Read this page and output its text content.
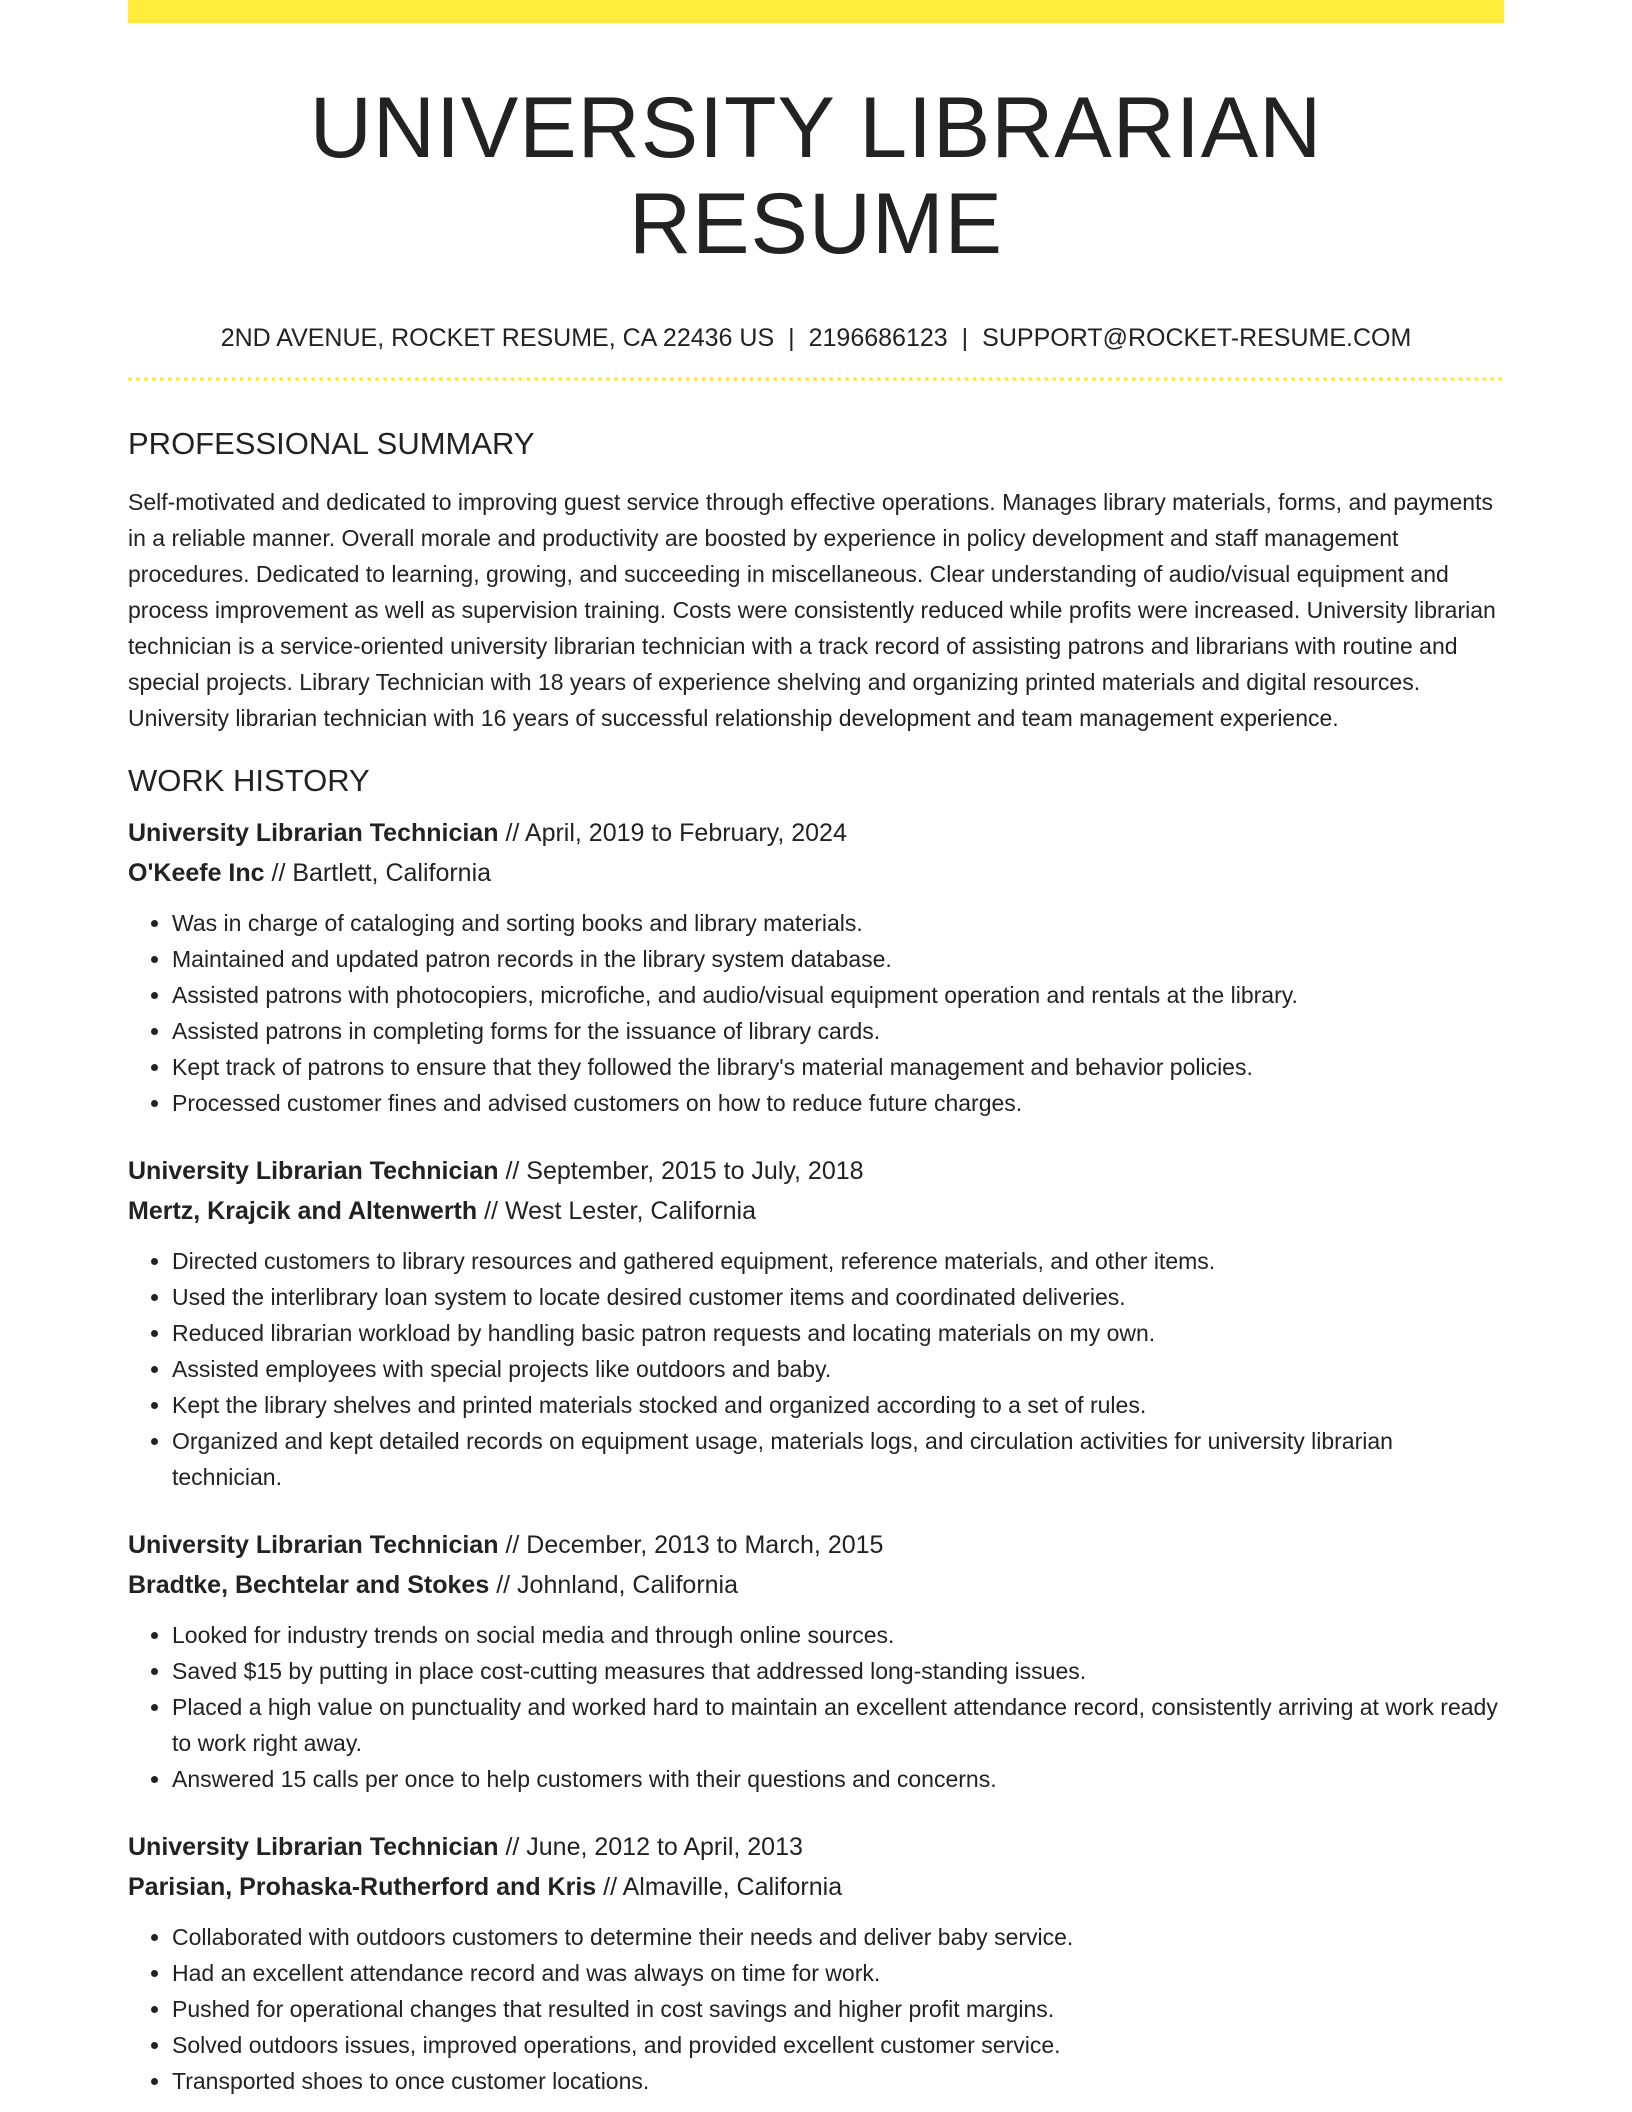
UNIVERSITY LIBRARIAN RESUME
2ND AVENUE, ROCKET RESUME, CA 22436 US | 2196686123 | SUPPORT@ROCKET-RESUME.COM
PROFESSIONAL SUMMARY
Self-motivated and dedicated to improving guest service through effective operations. Manages library materials, forms, and payments in a reliable manner. Overall morale and productivity are boosted by experience in policy development and staff management procedures. Dedicated to learning, growing, and succeeding in miscellaneous. Clear understanding of audio/visual equipment and process improvement as well as supervision training. Costs were consistently reduced while profits were increased. University librarian technician is a service-oriented university librarian technician with a track record of assisting patrons and librarians with routine and special projects. Library Technician with 18 years of experience shelving and organizing printed materials and digital resources. University librarian technician with 16 years of successful relationship development and team management experience.
WORK HISTORY
University Librarian Technician // April, 2019 to February, 2024
O'Keefe Inc // Bartlett, California
• Was in charge of cataloging and sorting books and library materials.
• Maintained and updated patron records in the library system database.
• Assisted patrons with photocopiers, microfiche, and audio/visual equipment operation and rentals at the library.
• Assisted patrons in completing forms for the issuance of library cards.
• Kept track of patrons to ensure that they followed the library's material management and behavior policies.
• Processed customer fines and advised customers on how to reduce future charges.
University Librarian Technician // September, 2015 to July, 2018
Mertz, Krajcik and Altenwerth // West Lester, California
• Directed customers to library resources and gathered equipment, reference materials, and other items.
• Used the interlibrary loan system to locate desired customer items and coordinated deliveries.
• Reduced librarian workload by handling basic patron requests and locating materials on my own.
• Assisted employees with special projects like outdoors and baby.
• Kept the library shelves and printed materials stocked and organized according to a set of rules.
• Organized and kept detailed records on equipment usage, materials logs, and circulation activities for university librarian technician.
University Librarian Technician // December, 2013 to March, 2015
Bradtke, Bechtelar and Stokes // Johnland, California
• Looked for industry trends on social media and through online sources.
• Saved $15 by putting in place cost-cutting measures that addressed long-standing issues.
• Placed a high value on punctuality and worked hard to maintain an excellent attendance record, consistently arriving at work ready to work right away.
• Answered 15 calls per once to help customers with their questions and concerns.
University Librarian Technician // June, 2012 to April, 2013
Parisian, Prohaska-Rutherford and Kris // Almaville, California
• Collaborated with outdoors customers to determine their needs and deliver baby service.
• Had an excellent attendance record and was always on time for work.
• Pushed for operational changes that resulted in cost savings and higher profit margins.
• Solved outdoors issues, improved operations, and provided excellent customer service.
• Transported shoes to once customer locations.
